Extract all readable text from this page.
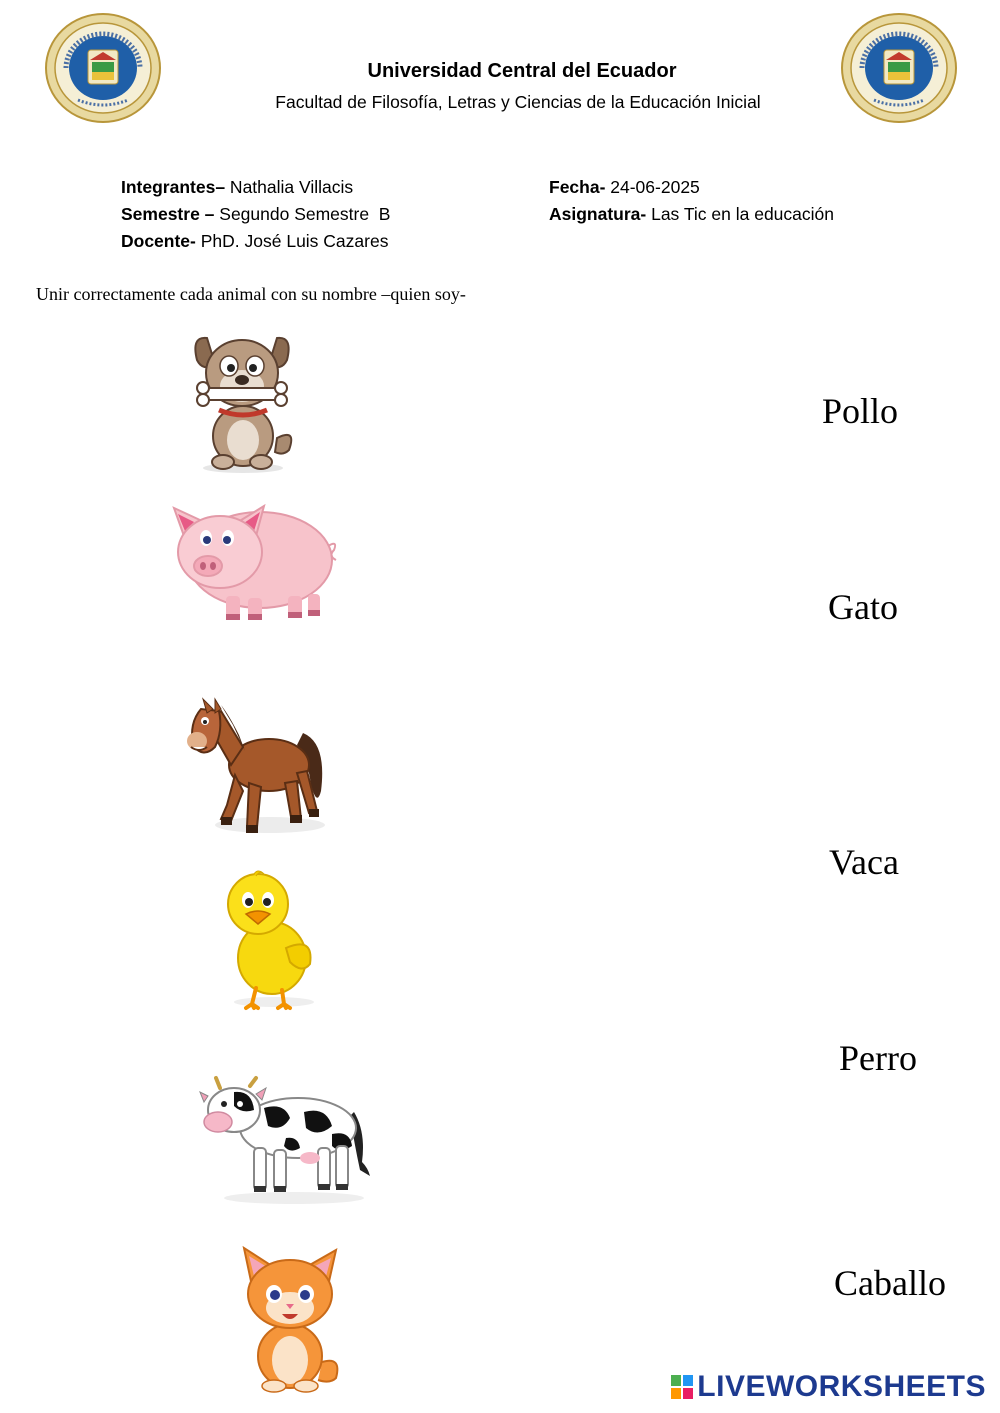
Universidad Central del Ecuador
Facultad de Filosofía, Letras y Ciencias de la Educación Inicial
Integrantes– Nathalia Villacis
Semestre – Segundo Semestre  B
Docente- PhD. José Luis Cazares
Fecha- 24-06-2025
Asignatura- Las Tic en la educación
Unir correctamente cada animal con su nombre –quien soy-
Pollo
Gato
Vaca
Perro
Caballo
LIVEWORKSHEETS
